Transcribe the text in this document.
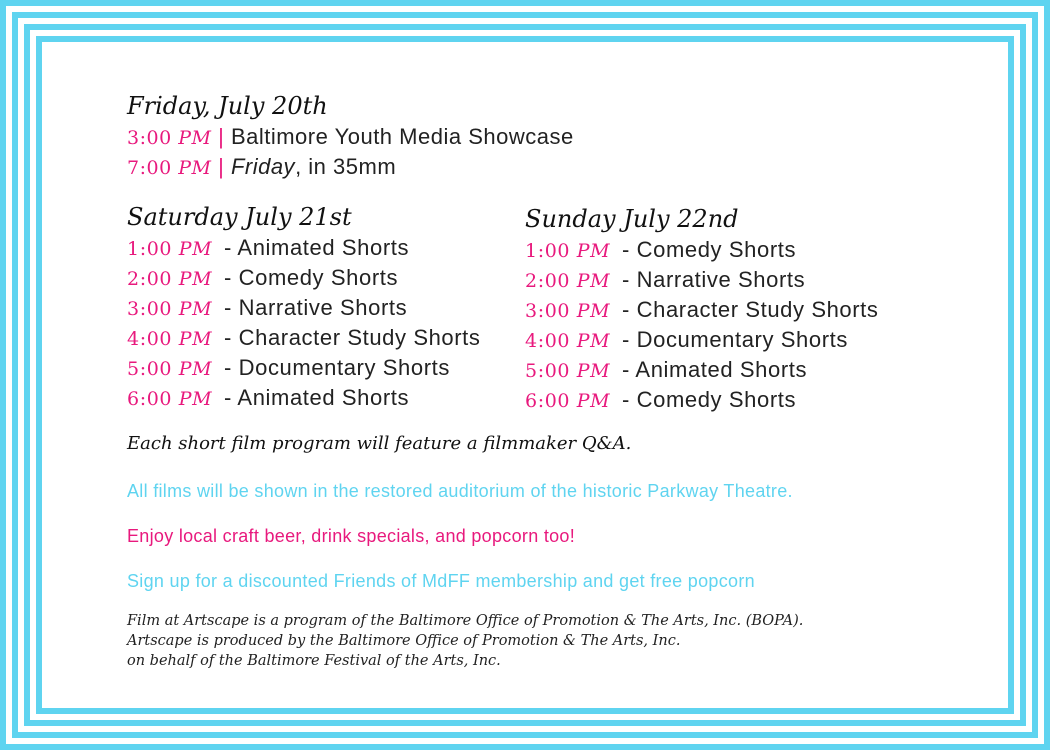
Friday, July 20th
3:00 PM | Baltimore Youth Media Showcase
7:00 PM | Friday, in 35mm
Saturday July 21st
1:00 PM - Animated Shorts
2:00 PM - Comedy Shorts
3:00 PM - Narrative Shorts
4:00 PM - Character Study Shorts
5:00 PM - Documentary Shorts
6:00 PM - Animated Shorts
Sunday July 22nd
1:00 PM - Comedy Shorts
2:00 PM - Narrative Shorts
3:00 PM - Character Study Shorts
4:00 PM - Documentary Shorts
5:00 PM - Animated Shorts
6:00 PM - Comedy Shorts
Each short film program will feature a filmmaker Q&A.
All films will be shown in the restored auditorium of the historic Parkway Theatre.
Enjoy local craft beer, drink specials, and popcorn too!
Sign up for a discounted Friends of MdFF membership and get free popcorn
Film at Artscape is a program of the Baltimore Office of Promotion & The Arts, Inc. (BOPA).
Artscape is produced by the Baltimore Office of Promotion & The Arts, Inc.
on behalf of the Baltimore Festival of the Arts, Inc.
